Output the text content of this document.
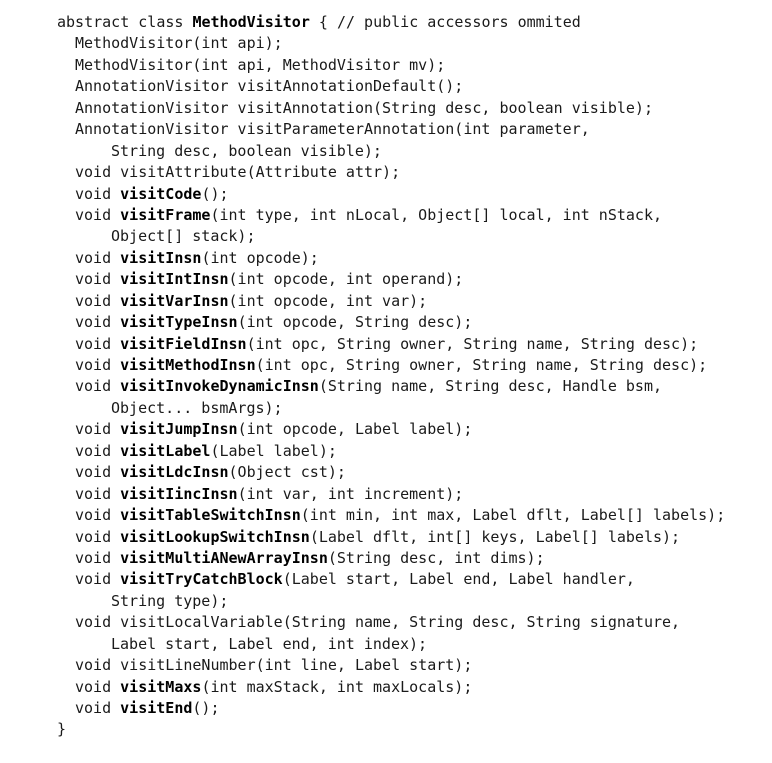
abstract class MethodVisitor { // public accessors ommited
MethodVisitor(int api);
MethodVisitor(int api, MethodVisitor mv);
AnnotationVisitor visitAnnotationDefault();
AnnotationVisitor visitAnnotation(String desc, boolean visible);
AnnotationVisitor visitParameterAnnotation(int parameter,
String desc, boolean visible);
void visitAttribute(Attribute attr);
void visitCode();
void visitFrame(int type, int nLocal, Object[] local, int nStack,
Object[] stack);
void visitInsn(int opcode);
void visitIntInsn(int opcode, int operand);
void visitVarInsn(int opcode, int var);
void visitTypeInsn(int opcode, String desc);
void visitFieldInsn(int opc, String owner, String name, String desc);
void visitMethodInsn(int opc, String owner, String name, String desc);
void visitInvokeDynamicInsn(String name, String desc, Handle bsm,
Object... bsmArgs);
void visitJumpInsn(int opcode, Label label);
void visitLabel(Label label);
void visitLdcInsn(Object cst);
void visitIincInsn(int var, int increment);
void visitTableSwitchInsn(int min, int max, Label dflt, Label[] labels);
void visitLookupSwitchInsn(Label dflt, int[] keys, Label[] labels);
void visitMultiANewArrayInsn(String desc, int dims);
void visitTryCatchBlock(Label start, Label end, Label handler,
String type);
void visitLocalVariable(String name, String desc, String signature,
Label start, Label end, int index);
void visitLineNumber(int line, Label start);
void visitMaxs(int maxStack, int maxLocals);
void visitEnd();
}
